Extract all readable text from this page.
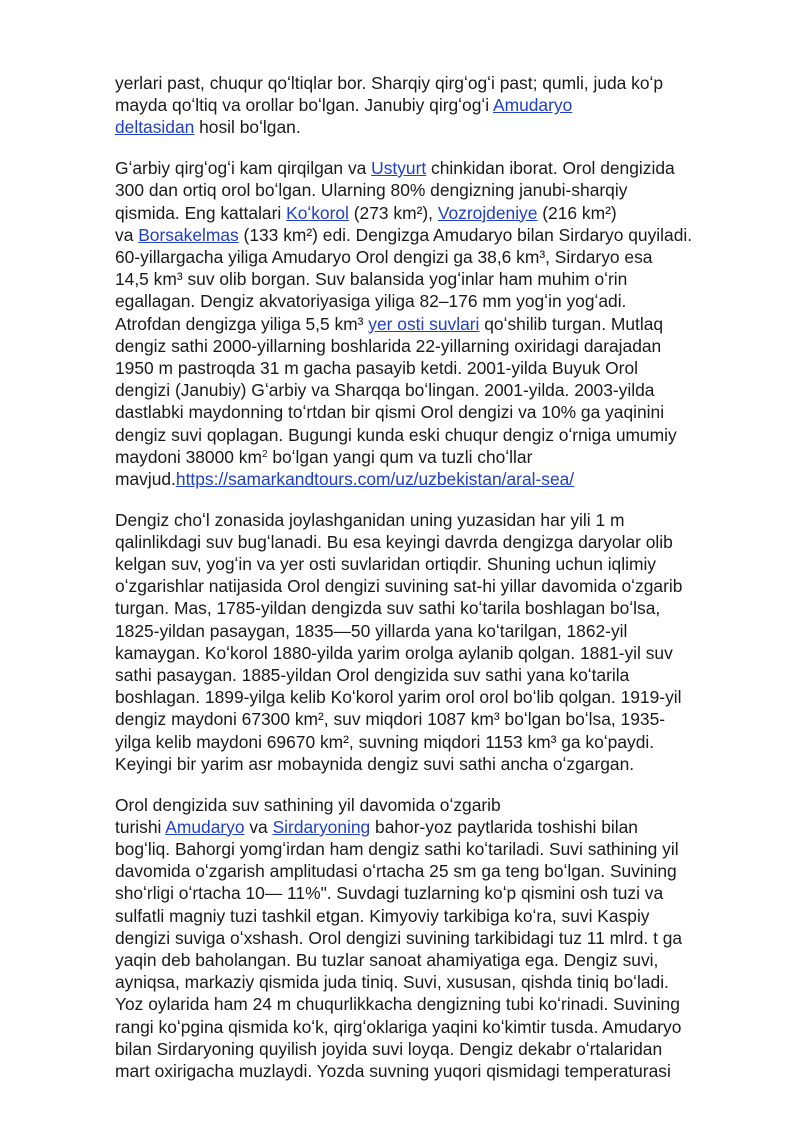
yerlari past, chuqur qoʻltiqlar bor. Sharqiy qirgʻogʻi past; qumli, juda koʻp
mayda qoʻltiq va orollar boʻlgan. Janubiy qirgʻogʻi Amudaryo
deltasidan hosil boʻlgan.

Gʻarbiy qirgʻogʻi kam qirqilgan va Ustyurt chinkidan iborat. Orol dengizida
300 dan ortiq orol boʻlgan. Ularning 80% dengizning janubi-sharqiy
qismida. Eng kattalari Koʻkorol (273 km²), Vozrojdeniye (216 km²)
va Borsakelmas (133 km²) edi. Dengizga Amudaryo bilan Sirdaryo quyiladi.
60-yillargacha yiliga Amudaryo Orol dengizi ga 38,6 km³, Sirdaryo esa
14,5 km³ suv olib borgan. Suv balansida yogʻinlar ham muhim oʻrin
egallagan. Dengiz akvatoriyasiga yiliga 82–176 mm yogʻin yogʻadi.
Atrofdan dengizga yiliga 5,5 km³ yer osti suvlari qoʻshilib turgan. Mutlaq
dengiz sathi 2000-yillarning boshlarida 22-yillarning oxiridagi darajadan
1950 m pastroqda 31 m gacha pasayib ketdi. 2001-yilda Buyuk Orol
dengizi (Janubiy) Gʻarbiy va Sharqqa boʻlingan. 2001-yilda. 2003-yilda
dastlabki maydonning toʻrtdan bir qismi Orol dengizi va 10% ga yaqinini
dengiz suvi qoplagan. Bugungi kunda eski chuqur dengiz oʻrniga umumiy
maydoni 38000 $km^2$ boʻlgan yangi qum va tuzli choʻllar
mavjud.https://samarkandtours.com/uz/uzbekistan/aral-sea/

Dengiz choʻl zonasida joylashganidan uning yuzasidan har yili 1 m
qalinlikdagi suv bugʻlanadi. Bu esa keyingi davrda dengizga daryolar olib
kelgan suv, yogʻin va yer osti suvlaridan ortiqdir. Shuning uchun iqlimiy
oʻzgarishlar natijasida Orol dengizi suvining sat-hi yillar davomida oʻzgarib
turgan. Mas, 1785-yildan dengizda suv sathi koʻtarila boshlagan boʻlsa,
1825-yildan pasaygan, 1835—50 yillarda yana koʻtarilgan, 1862-yil
kamaygan. Koʻkorol 1880-yilda yarim orolga aylanib qolgan. 1881-yil suv
sathi pasaygan. 1885-yildan Orol dengizida suv sathi yana koʻtarila
boshlagan. 1899-yilga kelib Koʻkorol yarim orol orol boʻlib qolgan. 1919-yil
dengiz maydoni 67300 km², suv miqdori 1087 km³ boʻlgan boʻlsa, 1935-
yilga kelib maydoni 69670 km², suvning miqdori 1153 km³ ga koʻpaydi.
Keyingi bir yarim asr mobaynida dengiz suvi sathi ancha oʻzgargan.

Orol dengizida suv sathining yil davomida oʻzgarib
turishi Amudaryo va Sirdaryoning bahor-yoz paytlarida toshishi bilan
bogʻliq. Bahorgi yomgʻirdan ham dengiz sathi koʻtariladi. Suvi sathining yil
davomida oʻzgarish amplitudasi oʻrtacha 25 sm ga teng boʻlgan. Suvining
shoʻrligi oʻrtacha 10— 11%". Suvdagi tuzlarning koʻp qismini osh tuzi va
sulfatli magniy tuzi tashkil etgan. Kimyoviy tarkibiga koʻra, suvi Kaspiy
dengizi suviga oʻxshash. Orol dengizi suvining tarkibidagi tuz 11 mlrd. t ga
yaqin deb baholangan. Bu tuzlar sanoat ahamiyatiga ega. Dengiz suvi,
ayniqsa, markaziy qismida juda tiniq. Suvi, xususan, qishda tiniq boʻladi.
Yoz oylarida ham 24 m chuqurlikkacha dengizning tubi koʻrinadi. Suvining
rangi koʻpgina qismida koʻk, qirgʻoklariga yaqini koʻkimtir tusda. Amudaryo
bilan Sirdaryoning quyilish joyida suvi loyqa. Dengiz dekabr oʻrtalaridan
mart oxirigacha muzlaydi. Yozda suvning yuqori qismidagi temperaturasi
